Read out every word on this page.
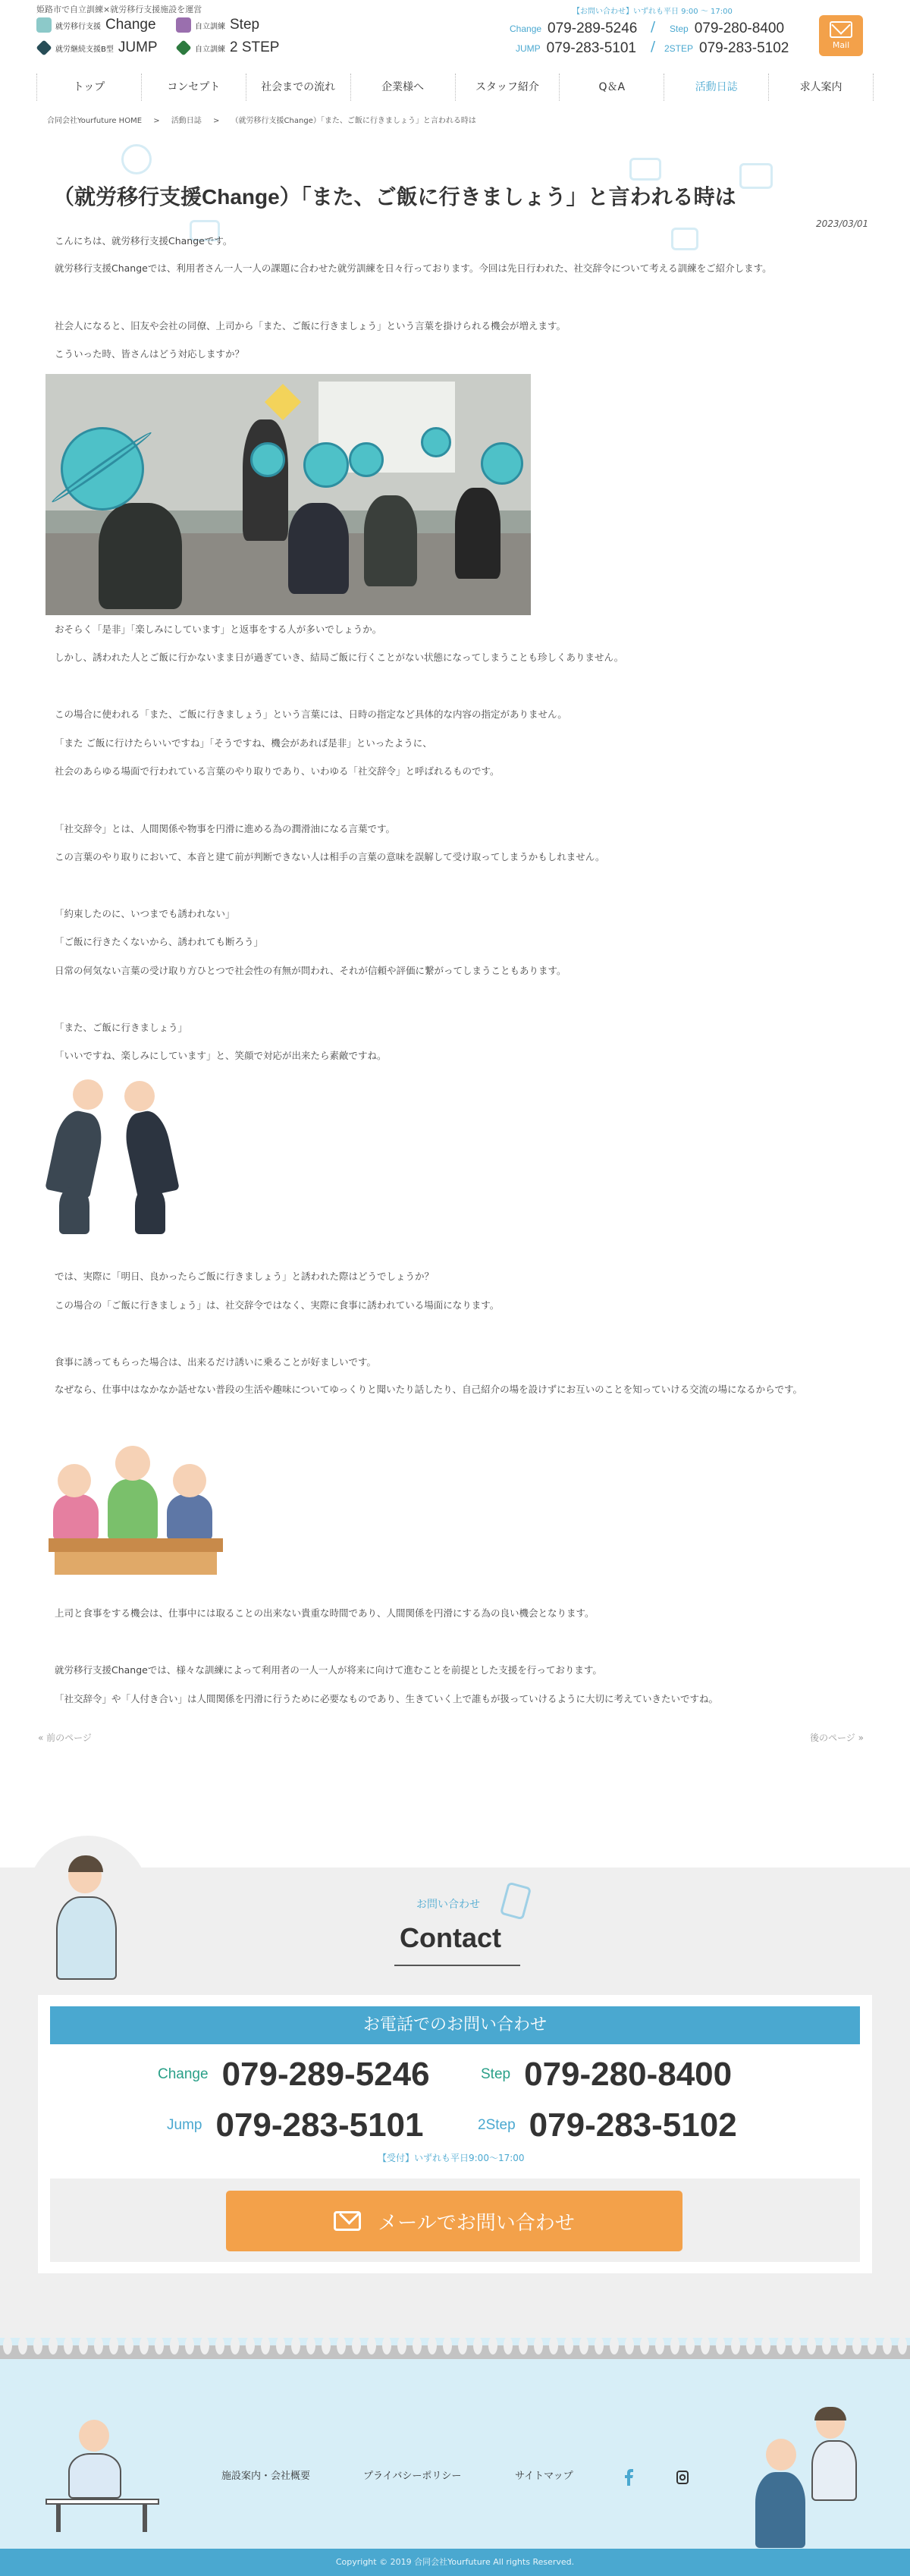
姫路市で自立訓練×就労移行支援施設を運営
就労移行支援 Change	自立訓練 Step
就労継続支援B型 JUMP	自立訓練 2 STEP
【お問い合わせ】いずれも平日 9:00 ～ 17:00
Change 079-289-5246 / Step 079-280-8400
JUMP 079-283-5101 / 2STEP 079-283-5102	Mail
トップ	コンセプト	社会までの流れ	企業様へ	スタッフ紹介	Q＆A	活動日誌	求人案内
合同会社Yourfuture HOME > 活動日誌 > （就労移行支援Change）「また、ご飯に行きましょう」と言われる時は
（就労移行支援Change）「また、ご飯に行きましょう」と言われる時は
2023/03/01

こんにちは、就労移行支援Changeです。

就労移行支援Changeでは、利用者さん一人一人の課題に合わせた就労訓練を日々行っております。今回は先日行われた、社交辞令について考える訓練をご紹介します。

社会人になると、旧友や会社の同僚、上司から「また、ご飯に行きましょう」という言葉を掛けられる機会が増えます。

こういった時、皆さんはどう対応しますか？

おそらく「是非」「楽しみにしています」と返事をする人が多いでしょうか。

しかし、誘われた人とご飯に行かないまま日が過ぎていき、結局ご飯に行くことがない状態になってしまうことも珍しくありません。

この場合に使われる「また、ご飯に行きましょう」という言葉には、日時の指定など具体的な内容の指定がありません。

「また ご飯に行けたらいいですね」「そうですね、機会があれば是非」といったように、

社会のあらゆる場面で行われている言葉のやり取りであり、いわゆる「社交辞令」と呼ばれるものです。

「社交辞令」とは、人間関係や物事を円滑に進める為の潤滑油になる言葉です。

この言葉のやり取りにおいて、本音と建て前が判断できない人は相手の言葉の意味を誤解して受け取ってしまうかもしれません。

「約束したのに、いつまでも誘われない」

「ご飯に行きたくないから、誘われても断ろう」

日常の何気ない言葉の受け取り方ひとつで社会性の有無が問われ、それが信頼や評価に繋がってしまうこともあります。

「また、ご飯に行きましょう」

「いいですね、楽しみにしています」と、笑顔で対応が出来たら素敵ですね。

では、実際に「明日、良かったらご飯に行きましょう」と誘われた際はどうでしょうか？

この場合の「ご飯に行きましょう」は、社交辞令ではなく、実際に食事に誘われている場面になります。

食事に誘ってもらった場合は、出来るだけ誘いに乗ることが好ましいです。

なぜなら、仕事中はなかなか話せない普段の生活や趣味についてゆっくりと聞いたり話したり、自己紹介の場を設けずにお互いのことを知っていける交流の場になるからです。

上司と食事をする機会は、仕事中には取ることの出来ない貴重な時間であり、人間関係を円滑にする為の良い機会となります。

就労移行支援Changeでは、様々な訓練によって利用者の一人一人が将来に向けて進むことを前提とした支援を行っております。

「社交辞令」や「人付き合い」は人間関係を円滑に行うために必要なものであり、生きていく上で誰もが扱っていけるように大切に考えていきたいですね。

« 前のページ	後のページ »
お問い合わせ
Contact
お電話でのお問い合わせ
Change 079-289-5246	Step 079-280-8400
Jump 079-283-5101	2Step 079-283-5102
【受付】いずれも平日9:00～17:00
メールでお問い合わせ
施設案内・会社概要	プライバシーポリシー	サイトマップ
Copyright © 2019 合同会社Yourfuture All rights Reserved.
